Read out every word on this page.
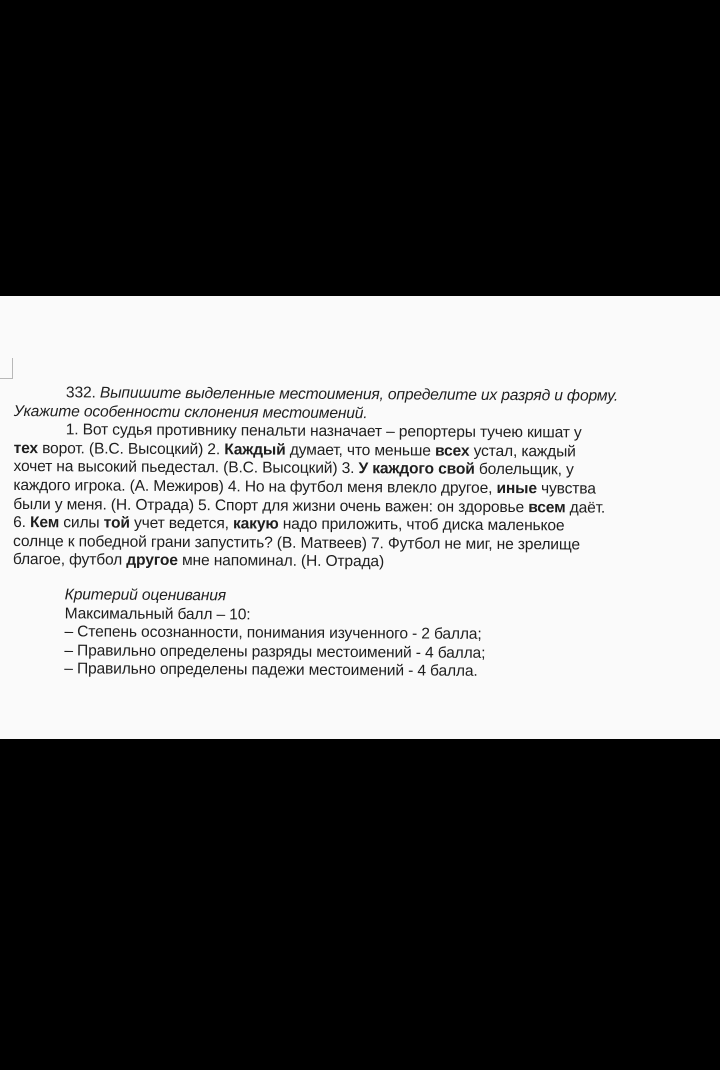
332. Выпишите выделенные местоимения, определите их разряд и форму.
Укажите особенности склонения местоимений.
1. Вот судья противнику пенальти назначает – репортеры тучею кишат у
тех ворот. (В.С. Высоцкий) 2. Каждый думает, что меньше всех устал, каждый
хочет на высокий пьедестал. (В.С. Высоцкий) 3. У каждого свой болельщик, у
каждого игрока. (А. Межиров) 4. Но на футбол меня влекло другое, иные чувства
были у меня. (Н. Отрада) 5. Спорт для жизни очень важен: он здоровье всем даёт.
6. Кем силы той учет ведется, какую надо приложить, чтоб диска маленькое
солнце к победной грани запустить? (В. Матвеев) 7. Футбол не миг, не зрелище
благое, футбол другое мне напоминал. (Н. Отрада)
Критерий оценивания
Максимальный балл – 10:
– Степень осознанности, понимания изученного - 2 балла;
– Правильно определены разряды местоимений - 4 балла;
– Правильно определены падежи местоимений - 4 балла.
